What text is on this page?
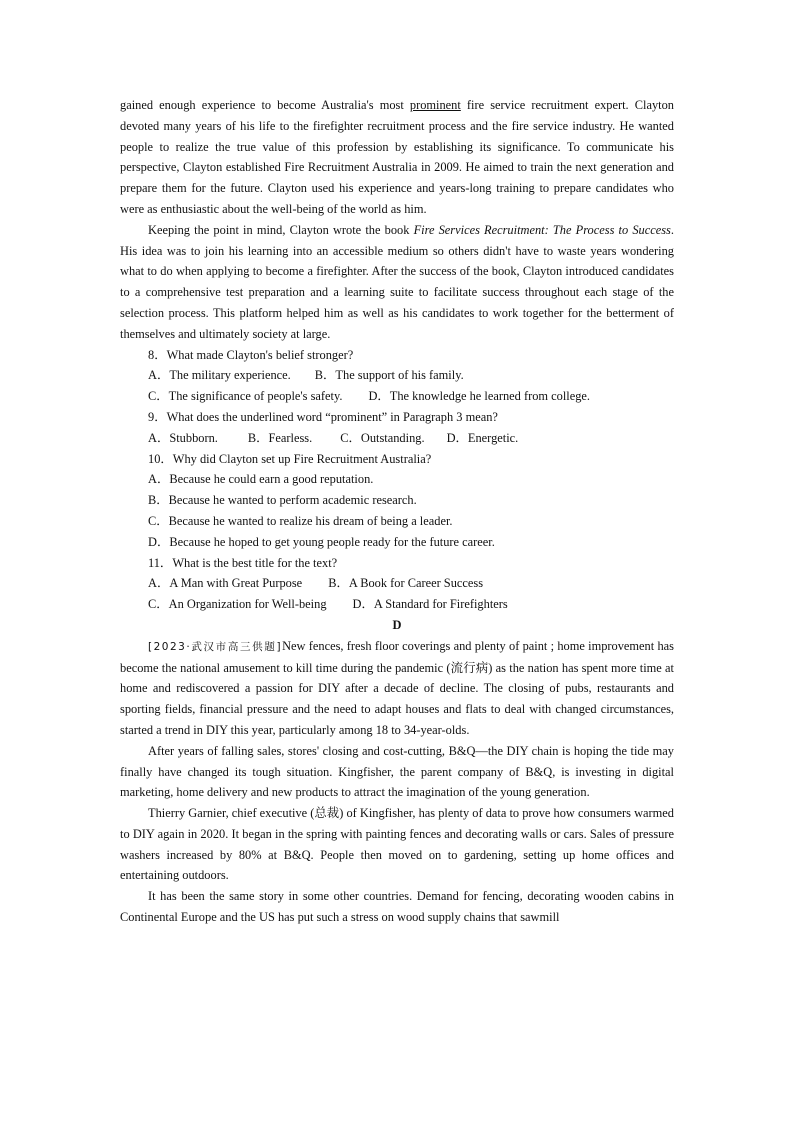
gained enough experience to become Australia's most prominent fire service recruitment expert. Clayton devoted many years of his life to the firefighter recruitment process and the fire service industry. He wanted people to realize the true value of this profession by establishing its significance. To communicate his perspective, Clayton established Fire Recruitment Australia in 2009. He aimed to train the next generation and prepare them for the future. Clayton used his experience and years-long training to prepare candidates who were as enthusiastic about the well-being of the world as him.

Keeping the point in mind, Clayton wrote the book Fire Services Recruitment: The Process to Success. His idea was to join his learning into an accessible medium so others didn't have to waste years wondering what to do when applying to become a firefighter. After the success of the book, Clayton introduced candidates to a comprehensive test preparation and a learning suite to facilitate success throughout each stage of the selection process. This platform helped him as well as his candidates to work together for the betterment of themselves and ultimately society at large.

8．What made Clayton's belief stronger?

A．The military experience. B．The support of his family.

C．The significance of people's safety. D．The knowledge he learned from college.

9．What does the underlined word “prominent” in Paragraph 3 mean?

A．Stubborn. B．Fearless. C．Outstanding. D．Energetic.

10．Why did Clayton set up Fire Recruitment Australia?

A．Because he could earn a good reputation.

B．Because he wanted to perform academic research.

C．Because he wanted to realize his dream of being a leader.

D．Because he hoped to get young people ready for the future career.

11．What is the best title for the text?

A．A Man with Great Purpose B．A Book for Career Success

C．An Organization for Well-being D．A Standard for Firefighters

D

[2023·武汉市高三供题]New fences, fresh floor coverings and plenty of paint ; home improvement has become the national amusement to kill time during the pandemic (流行病) as the nation has spent more time at home and rediscovered a passion for DIY after a decade of decline. The closing of pubs, restaurants and sporting fields, financial pressure and the need to adapt houses and flats to deal with changed circumstances, started a trend in DIY this year, particularly among 18 to 34-year-olds.

After years of falling sales, stores' closing and cost-cutting, B&Q—the DIY chain is hoping the tide may finally have changed its tough situation. Kingfisher, the parent company of B&Q, is investing in digital marketing, home delivery and new products to attract the imagination of the young generation.

Thierry Garnier, chief executive (总裁) of Kingfisher, has plenty of data to prove how consumers warmed to DIY again in 2020. It began in the spring with painting fences and decorating walls or cars. Sales of pressure washers increased by 80% at B&Q. People then moved on to gardening, setting up home offices and entertaining outdoors.

It has been the same story in some other countries. Demand for fencing, decorating wooden cabins in Continental Europe and the US has put such a stress on wood supply chains that sawmill
